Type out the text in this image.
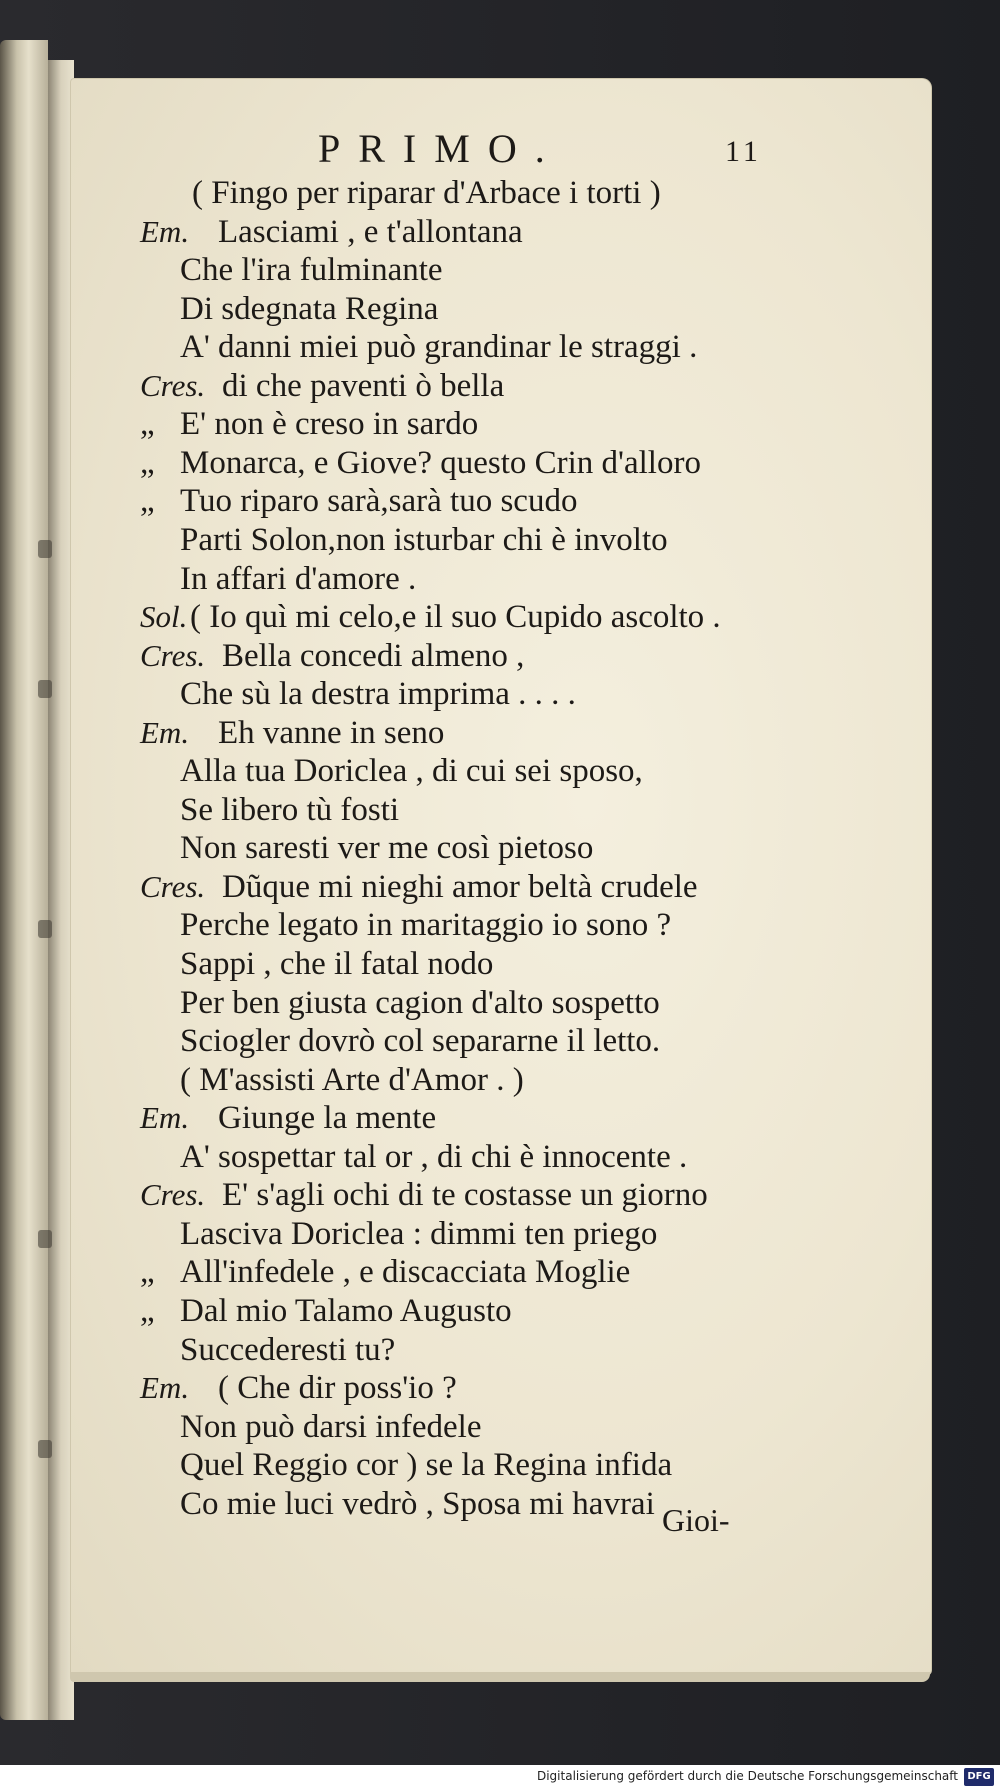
PRIMO.	11
( Fingo per riparar d'Arbace i torti )
Em. Lasciami , e t'allontana
Che l'ira fulminante
Di sdegnata Regina
A' danni miei può grandinar le straggi .
Cres. di che paventi ò bella
„ E' non è creso in sardo
„ Monarca, e Giove? questo Crin d'alloro
„ Tuo riparo sarà,sarà tuo scudo
Parti Solon,non isturbar chi è involto
In affari d'amore .
Sol. ( Io quì mi celo,e il suo Cupido ascolto .
Cres. Bella concedi almeno ,
Che sù la destra imprima . . . .
Em. Eh vanne in seno
Alla tua Doriclea , di cui sei sposo,
Se libero tù fosti
Non saresti ver me così pietoso
Cres. Dũque mi nieghi amor beltà crudele
Perche legato in maritaggio io sono ?
Sappi , che il fatal nodo
Per ben giusta cagion d'alto sospetto
Sciogler dovrò col separarne il letto.
( M'assisti Arte d'Amor . )
Em. Giunge la mente
A' sospettar tal or , di chi è innocente .
Cres. E' s'agli ochi di te costasse un giorno
Lasciva Doriclea : dimmi ten priego
„ All'infedele , e discacciata Moglie
„ Dal mio Talamo Augusto
Succederesti tu?
Em. ( Che dir poss'io ?
Non può darsi infedele
Quel Reggio cor ) se la Regina infida
Co mie luci vedrò , Sposa mi havrai Gioi-
Digitalisierung gefördert durch die Deutsche Forschungsgemeinschaft DFG
